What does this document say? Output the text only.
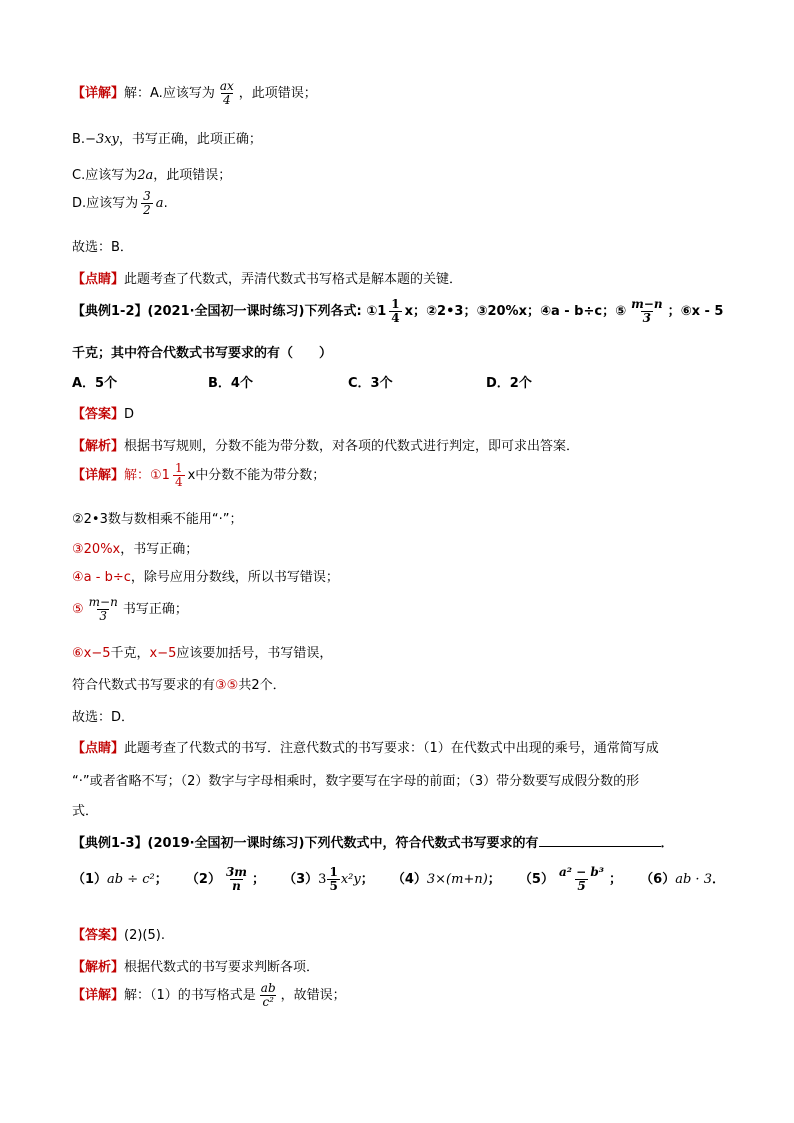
【详解】解：A.应该写为 $\frac{ax}{4}$ ，此项错误；
B.−3xy，书写正确，此项正确；
C.应该写为2a，此项错误；
D.应该写为 $\frac{3}{2} a$.
故选：B．
【点睛】此题考查了代数式，弄清代数式书写格式是解本题的关键．
【典例1-2】(2021·全国初一课时练习)下列各式: ①1 $\frac{1}{4}$ x；②2•3；③20%x；④a - b÷c；⑤ $\frac{m-n}{3}$ ；⑥x - 5
千克；其中符合代数式书写要求的有（　　）
A．5个	B．4个	C．3个	D．2个
【答案】D
【解析】根据书写规则，分数不能为带分数，对各项的代数式进行判定，即可求出答案．
【详解】解：①1 $\frac{1}{4}$ x中分数不能为带分数；
②2•3数与数相乘不能用“·”；
③20%x，书写正确；
④a - b÷c，除号应用分数线，所以书写错误；
⑤ $\frac{m-n}{3}$ 书写正确；
⑥x−5千克，x−5应该要加括号，书写错误，
符合代数式书写要求的有③⑤共2个．
故选：D．
【点睛】此题考查了代数式的书写．注意代数式的书写要求：（1）在代数式中出现的乘号，通常简写成
“·”或者省略不写；（2）数字与字母相乘时，数字要写在字母的前面；（3）带分数要写成假分数的形
式．
【典例1-3】(2019·全国初一课时练习)下列代数式中，符合代数式书写要求的有	．
（1）ab ÷ c²； $(2) \frac{3m}{n}$ ； （3） $3 \frac{1}{5} x^2y$ ； （4）3×(m+n)； $(5) \frac{\text{a² − b³}}{5}$ ； （6）ab · 3．
【答案】(2)(5).
【解析】根据代数式的书写要求判断各项．
【详解】解：（1）的书写格式是 $\frac{ab}{\text{c²}}$ ，故错误；
